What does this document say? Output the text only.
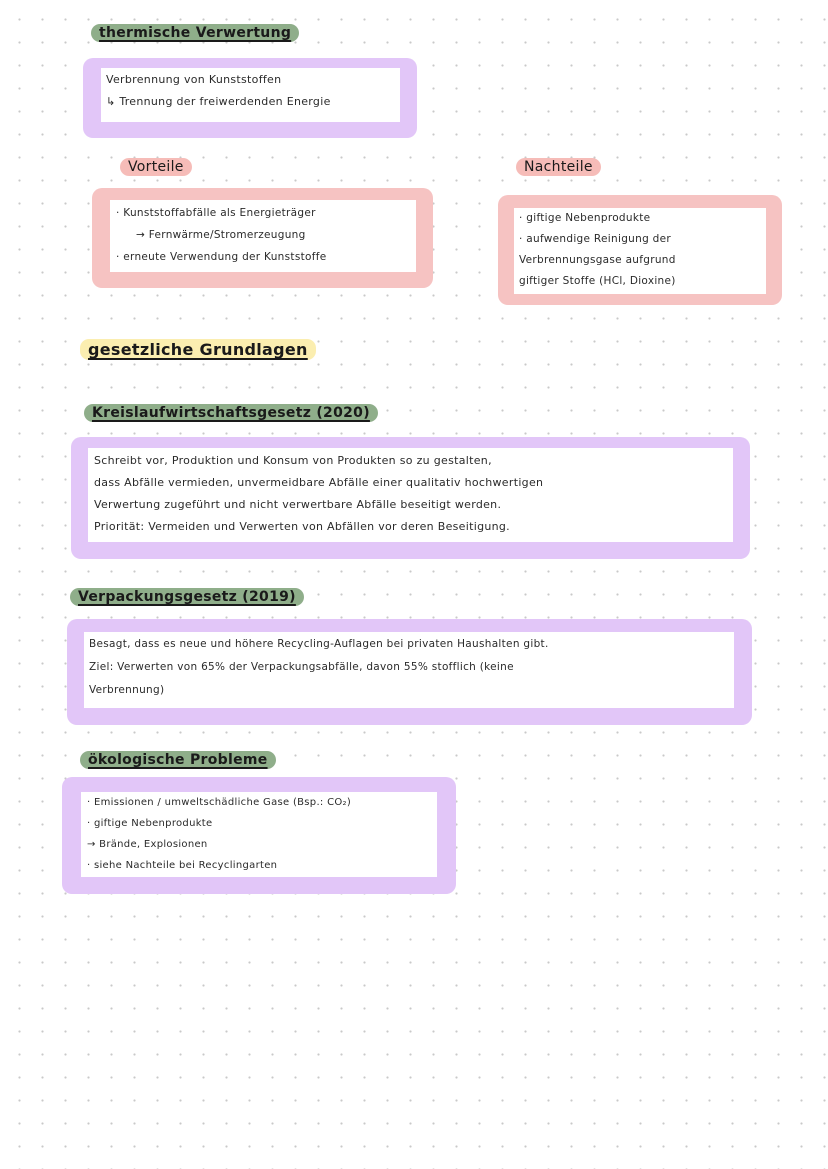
thermische Verwertung
Verbrennung von Kunststoffen
↳ Trennung der freiwerdenden Energie
Vorteile
· Kunststoffabfälle als Energieträger
→ Fernwärme/Stromerzeugung
· erneute Verwendung der Kunststoffe
Nachteile
· giftige Nebenprodukte
· aufwendige Reinigung der
Verbrennungsgase aufgrund
giftiger Stoffe (HCl, Dioxine)
gesetzliche Grundlagen
Kreislaufwirtschaftsgesetz (2020)
Schreibt vor, Produktion und Konsum von Produkten so zu gestalten,
dass Abfälle vermieden, unvermeidbare Abfälle einer qualitativ hochwertigen
Verwertung zugeführt und nicht verwertbare Abfälle beseitigt werden.
Priorität: Vermeiden und Verwerten von Abfällen vor deren Beseitigung.
Verpackungsgesetz (2019)
Besagt, dass es neue und höhere Recycling-Auflagen bei privaten Haushalten gibt.
Ziel: Verwerten von 65% der Verpackungsabfälle, davon 55% stofflich (keine
Verbrennung)
ökologische Probleme
· Emissionen / umweltschädliche Gase (Bsp.: CO₂)
· giftige Nebenprodukte
→ Brände, Explosionen
· siehe Nachteile bei Recyclingarten
